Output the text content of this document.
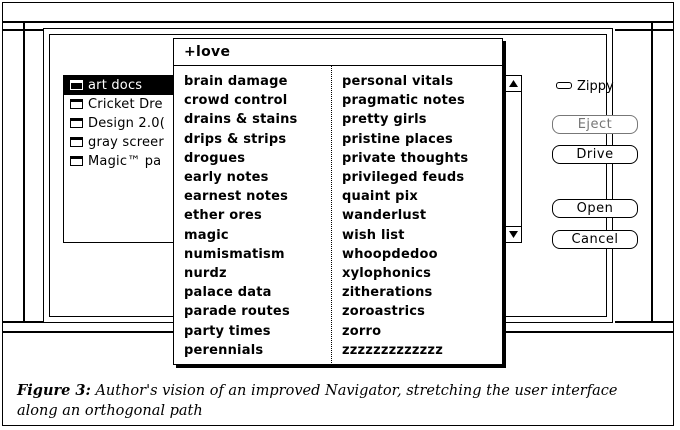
art docs
Cricket Dre
Design 2.0(
gray screer
Magic™ pa
Zippy
Eject
Drive
Open
Cancel
+love
brain damage
crowd control
drains & stains
drips & strips
drogues
early notes
earnest notes
ether ores
magic
numismatism
nurdz
palace data
parade routes
party times
perennials
personal vitals
pragmatic notes
pretty girls
pristine places
private thoughts
privileged feuds
quaint pix
wanderlust
wish list
whoopdedoo
xylophonics
zitherations
zoroastrics
zorro
zzzzzzzzzzzzz
Figure 3: Author's vision of an improved Navigator, stretching the user interface along an orthogonal path
